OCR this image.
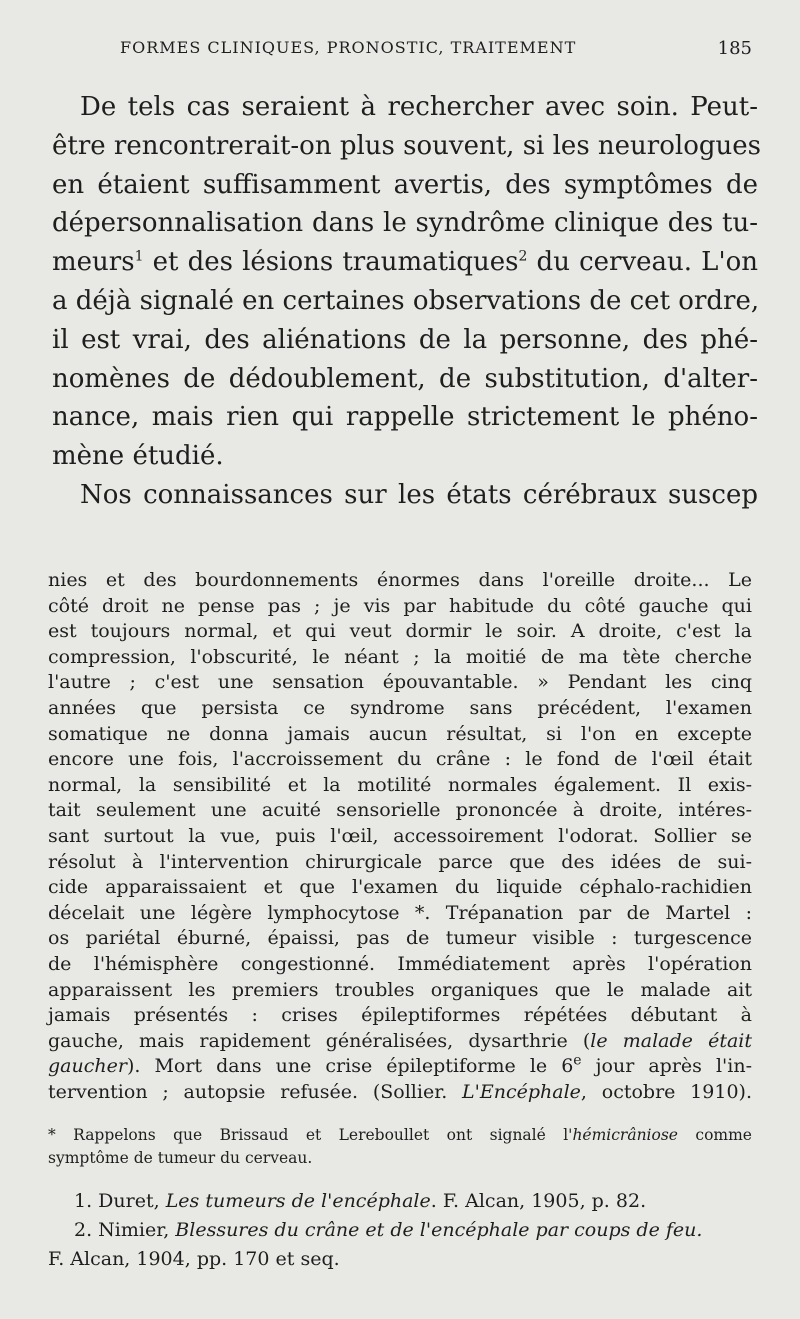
FORMES CLINIQUES, PRONOSTIC, TRAITEMENT	185
De tels cas seraient à rechercher avec soin. Peut-
être rencontrerait-on plus souvent, si les neurologues
en étaient suffisamment avertis, des symptômes de
dépersonnalisation dans le syndrôme clinique des tu-
meurs$^1$ et des lésions traumatiques$^2$ du cerveau. L'on
a déjà signalé en certaines observations de cet ordre,
il est vrai, des aliénations de la personne, des phé-
nomènes de dédoublement, de substitution, d'alter-
nance, mais rien qui rappelle strictement le phéno-
mène étudié.
Nos connaissances sur les états cérébraux suscep
nies et des bourdonnements énormes dans l'oreille droite... Le
côté droit ne pense pas ; je vis par habitude du côté gauche qui
est toujours normal, et qui veut dormir le soir. A droite, c'est la
compression, l'obscurité, le néant ; la moitié de ma tète cherche
l'autre ; c'est une sensation épouvantable. » Pendant les cinq
années que persista ce syndrome sans précédent, l'examen
somatique ne donna jamais aucun résultat, si l'on en excepte
encore une fois, l'accroissement du crâne : le fond de l'œil était
normal, la sensibilité et la motilité normales également. Il exis-
tait seulement une acuité sensorielle prononcée à droite, intéres-
sant surtout la vue, puis l'œil, accessoirement l'odorat. Sollier se
résolut à l'intervention chirurgicale parce que des idées de sui-
cide apparaissaient et que l'examen du liquide céphalo-rachidien
décelait une légère lymphocytose *. Trépanation par de Martel :
os pariétal éburné, épaissi, pas de tumeur visible : turgescence
de l'hémisphère congestionné. Immédiatement après l'opération
apparaissent les premiers troubles organiques que le malade ait
jamais présentés : crises épileptiformes répétées débutant à
gauche, mais rapidement généralisées, dysarthrie (le malade était
gaucher). Mort dans une crise épileptiforme le 6e jour après l'in-
tervention ; autopsie refusée. (Sollier. L'Encéphale, octobre 1910).
* Rappelons que Brissaud et Lereboullet ont signalé l'hémicrâniose comme
symptôme de tumeur du cerveau.
1. Duret, Les tumeurs de l'encéphale. F. Alcan, 1905, p. 82.
2. Nimier, Blessures du crâne et de l'encéphale par coups de feu.
F. Alcan, 1904, pp. 170 et seq.
